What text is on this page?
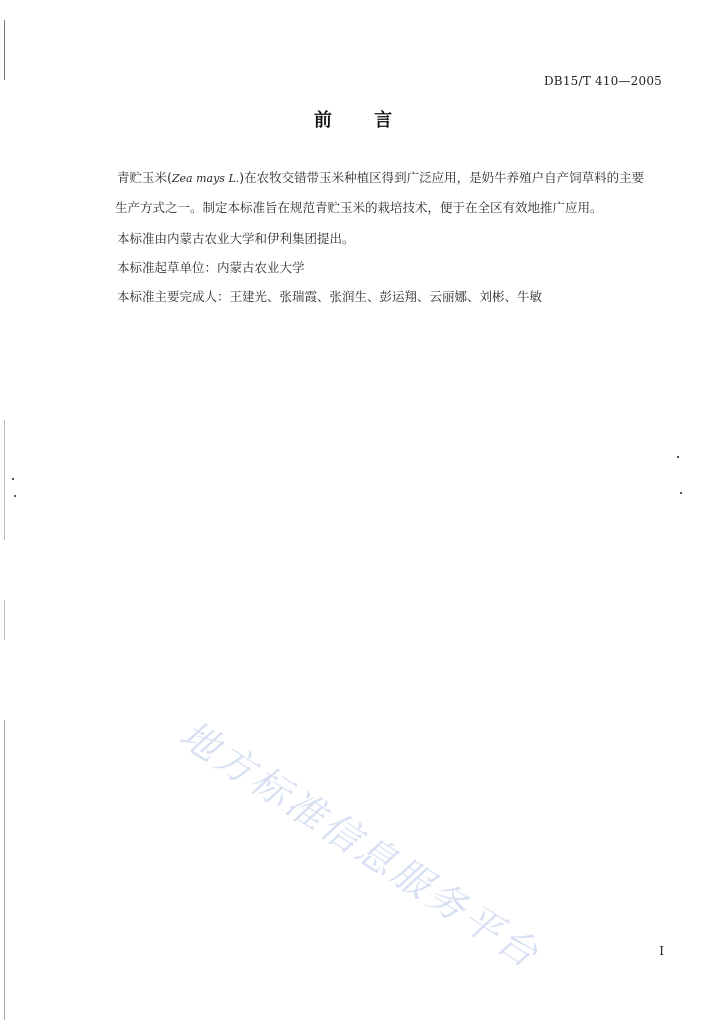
DB15/T 410—2005
前 言
青贮玉米(Zea mays L.)在农牧交错带玉米种植区得到广泛应用，是奶牛养殖户自产饲草料的主要
生产方式之一。制定本标准旨在规范青贮玉米的栽培技术，便于在全区有效地推广应用。
本标准由内蒙古农业大学和伊利集团提出。
本标准起草单位：内蒙古农业大学
本标准主要完成人：王建光、张瑞霞、张润生、彭运翔、云丽娜、刘彬、牛敏
地方标准信息服务平台	I
